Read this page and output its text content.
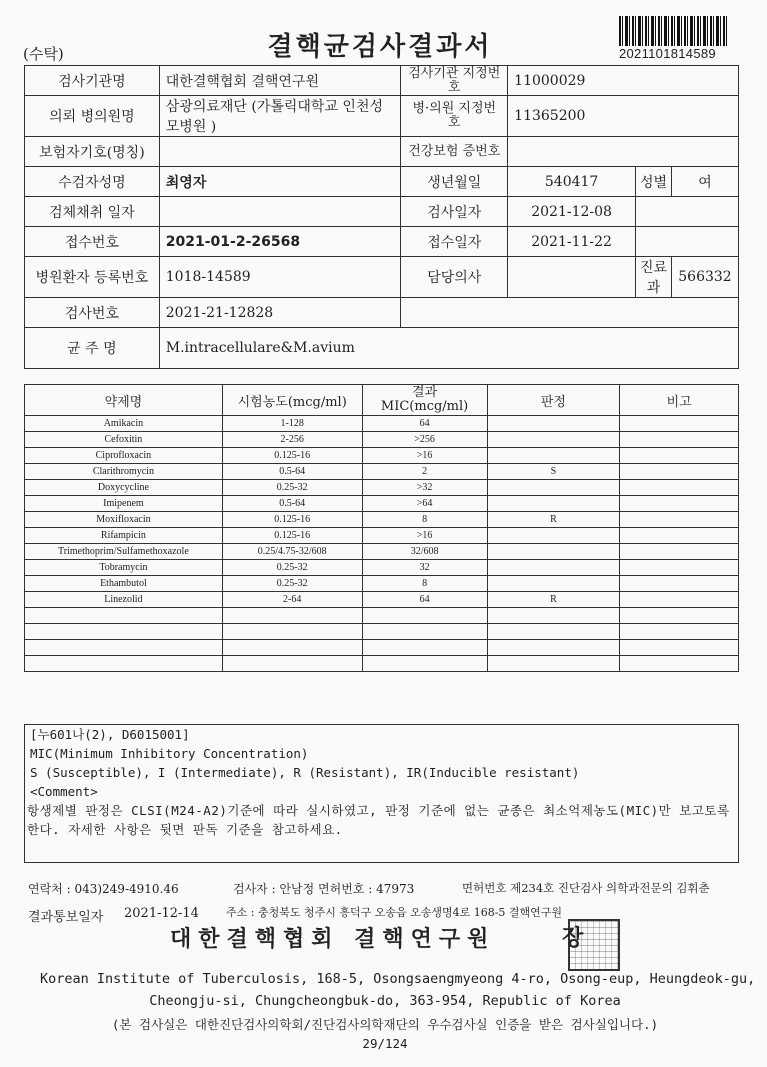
2021101814589
(수탁)	결핵균검사결과서
검사기관명	대한결핵협회 결핵연구원	검사기관 지정번호	11000029		
의뢰 병의원명	삼광의료재단 (가톨릭대학교 인천성모병원 )	병·의원 지정번호	11365200		
보험자기호(명칭)		건강보험 증번호			
수검자성명	최영자	생년월일	540417	성별	여
검체채취 일자		검사일자	2021-12-08		
접수번호	2021-01-2-26568	접수일자	2021-11-22		
병원환자 등록번호	1018-14589	담당의사		진료과	566332
검사번호	2021-21-12828				
균 주 명	M.intracellulare&M.avium				
약제명	시험농도(mcg/ml)	결과 MIC(mcg/ml)	판정	비고
Amikacin	1-128	64		
Cefoxitin	2-256	>256		
Ciprofloxacin	0.125-16	>16		
Clarithromycin	0.5-64	2	S	
Doxycycline	0.25-32	>32		
Imipenem	0.5-64	>64		
Moxifloxacin	0.125-16	8	R	
Rifampicin	0.125-16	>16		
Trimethoprim/Sulfamethoxazole	0.25/4.75-32/608	32/608		
Tobramycin	0.25-32	32		
Ethambutol	0.25-32	8		
Linezolid	2-64	64	R	

[누601나(2), D6015001]
MIC(Minimum Inhibitory Concentration)
S (Susceptible), I (Intermediate), R (Resistant), IR(Inducible resistant)
<Comment>
항생제별 판정은 CLSI(M24-A2)기준에 따라 실시하였고, 판정 기준에 없는 균종은 최소억제농도(MIC)만 보고토록 한다. 자세한 사항은 뒷면 판독 기준을 참고하세요.
연락처 : 043)249-4910.46	검사자 : 안남정 면허번호 : 47973	면허번호 제234호 진단검사 의학과전문의 김휘춘
결과통보일자 2021-12-14 주소 : 충청북도 청주시 흥덕구 오송읍 오송생명4로 168-5 결핵연구원
대한결핵협회 결핵연구원	장
Korean Institute of Tuberculosis, 168-5, Osongsaengmyeong 4-ro, Osong-eup, Heungdeok-gu,
Cheongju-si, Chungcheongbuk-do, 363-954, Republic of Korea
(본 검사실은 대한진단검사의학회/진단검사의학재단의 우수검사실 인증을 받은 검사실입니다.)
29/124
